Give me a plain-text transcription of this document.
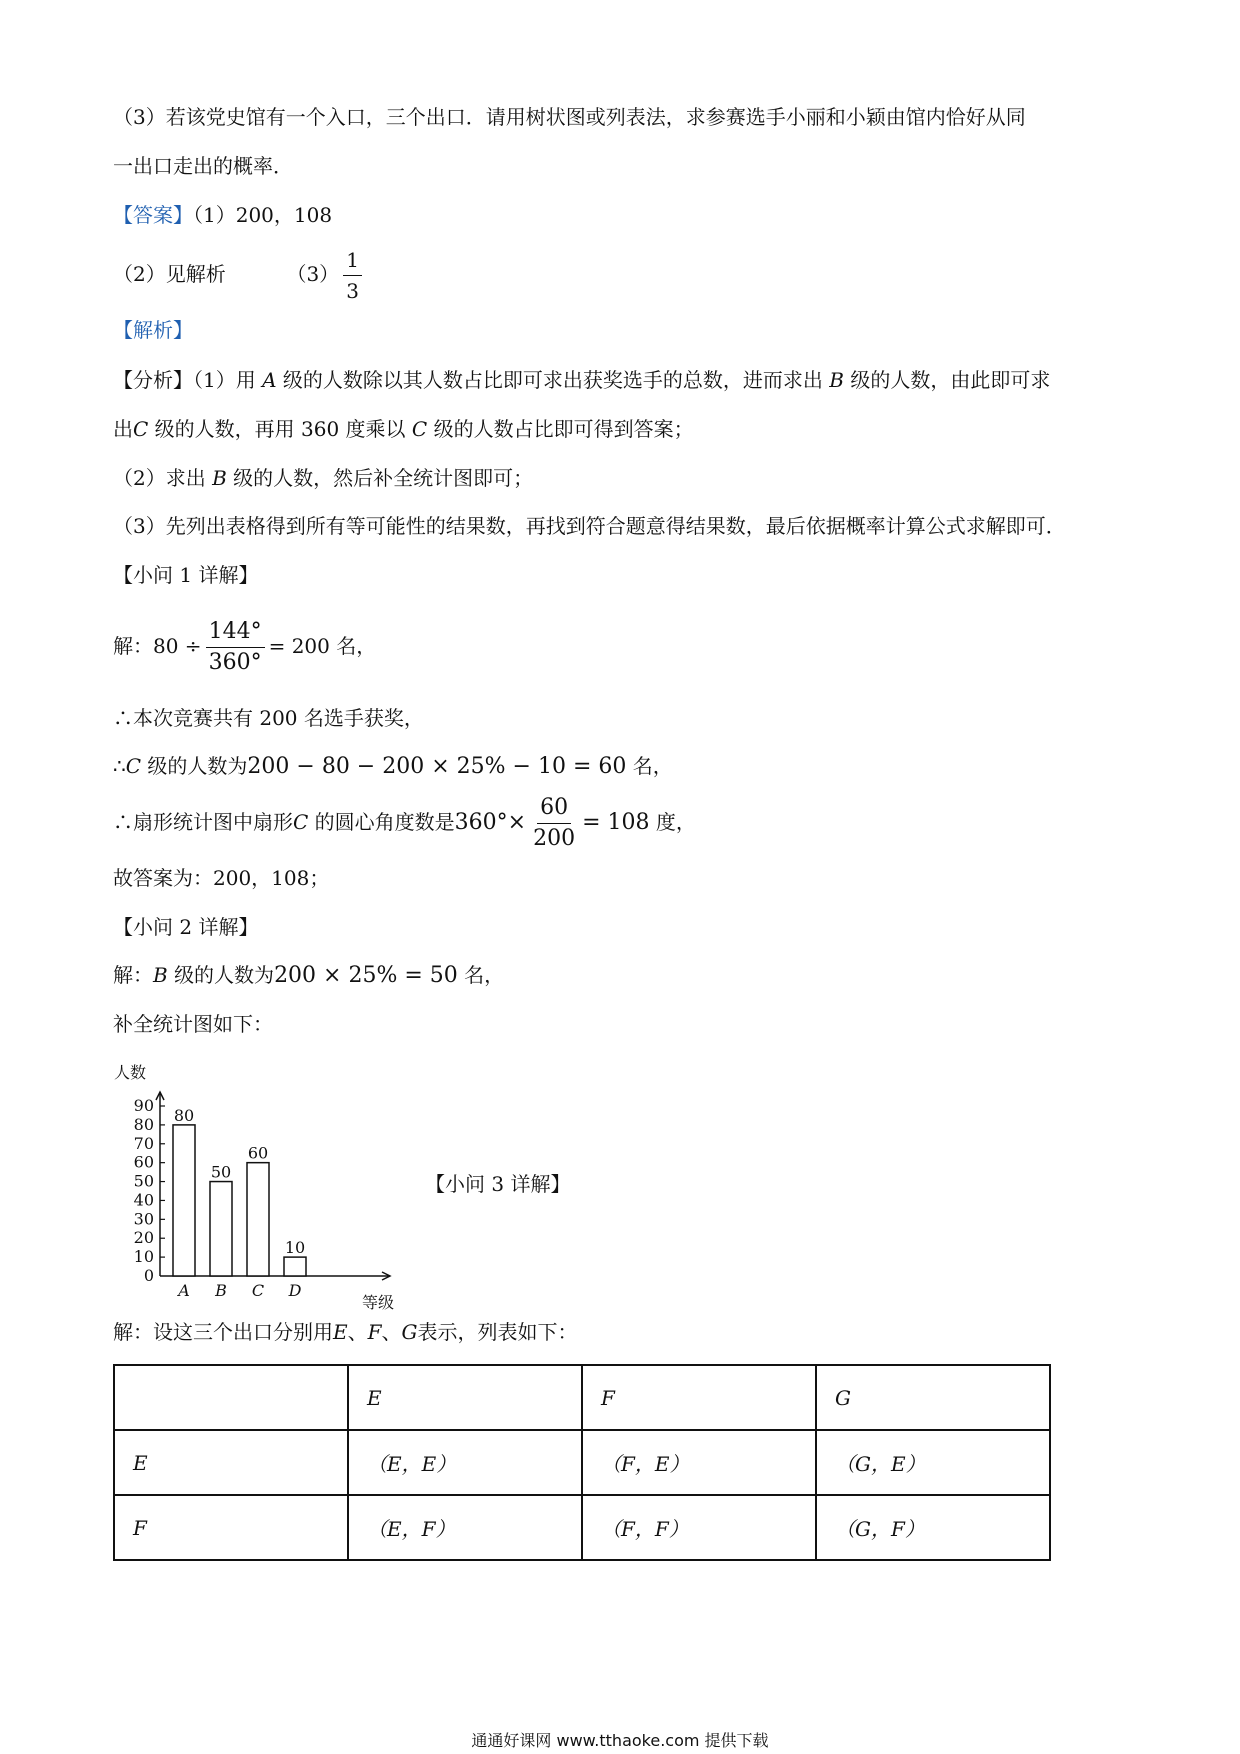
（3）若该党史馆有一个入口，三个出口．请用树状图或列表法，求参赛选手小丽和小颖由馆内恰好从同
一出口走出的概率．
【答案】（1）200，108
（2）见解析	$(3) \frac{1}{3}$
【解析】
【分析】（1）用 A 级的人数除以其人数占比即可求出获奖选手的总数，进而求出 B 级的人数，由此即可求
出C 级的人数，再用 360 度乘以 C 级的人数占比即可得到答案；
（2）求出 B 级的人数，然后补全统计图即可；
（3）先列出表格得到所有等可能性的结果数，再找到符合题意得结果数，最后依据概率计算公式求解即可．
【小问 1 详解】
解：$80 \div \frac{144^\circ}{360^\circ} = 200$ 名，
∴本次竞赛共有 200 名选手获奖，
∴C 级的人数为200 − 80 − 200 × 25% − 10 = 60 名，
∴扇形统计图中扇形C 的圆心角度数是$360^\circ\times \frac{60}{200} = 108$ 度，
故答案为：200，108；
【小问 2 详解】
解：B 级的人数为200 × 25% = 50 名，
补全统计图如下：
人数
等级
0
10
20
30
40
50
60
70
80
90
80
A
50
B
60
C
10
D
【小问 3 详解】
解：设这三个出口分别用E、F、G表示，列表如下：
	E	F	G
E	（E，E）	（F，E）	（G，E）
F	（E，F）	（F，F）	（G，F）
通通好课网 www.tthaoke.com 提供下载
